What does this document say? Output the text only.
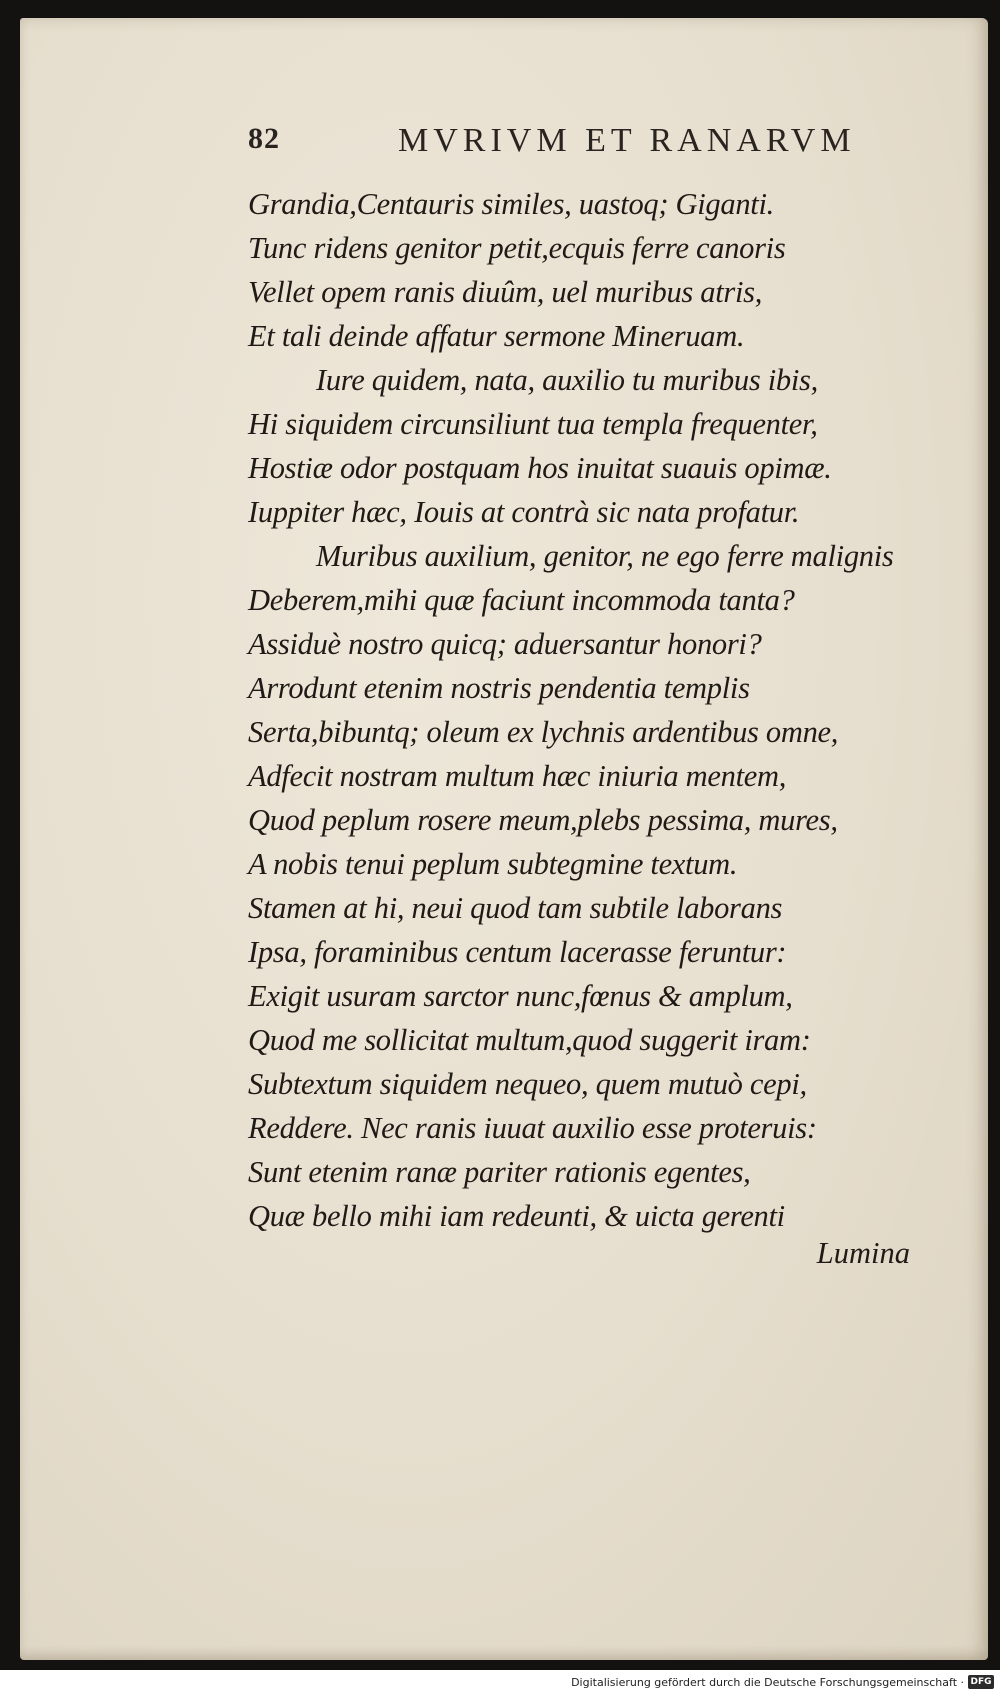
82	MVRIVM ET RANARVM
Grandia,Centauris similes, uastoq; Giganti.
Tunc ridens genitor petit,ecquis ferre canoris
Vellet opem ranis diuûm, uel muribus atris,
Et tali deinde affatur sermone Mineruam.
Iure quidem, nata, auxilio tu muribus ibis,
Hi siquidem circunsiliunt tua templa frequenter,
Hostiæ odor postquam hos inuitat suauis opimæ.
Iuppiter hæc, Iouis at contrà sic nata profatur.
Muribus auxilium, genitor, ne ego ferre malignis
Deberem,mihi quæ faciunt incommoda tanta?
Assiduè nostro quicq; aduersantur honori?
Arrodunt etenim nostris pendentia templis
Serta,bibuntq; oleum ex lychnis ardentibus omne,
Adfecit nostram multum hæc iniuria mentem,
Quod peplum rosere meum,plebs pessima, mures,
A nobis tenui peplum subtegmine textum.
Stamen at hi, neui quod tam subtile laborans
Ipsa, foraminibus centum lacerasse feruntur:
Exigit usuram sarctor nunc,fœnus & amplum,
Quod me sollicitat multum,quod suggerit iram:
Subtextum siquidem nequeo, quem mutuò cepi,
Reddere. Nec ranis iuuat auxilio esse proteruis:
Sunt etenim ranæ pariter rationis egentes,
Quæ bello mihi iam redeunti, & uicta gerenti
Lumina
Digitalisierung gefördert durch die Deutsche Forschungsgemeinschaft · DFG
